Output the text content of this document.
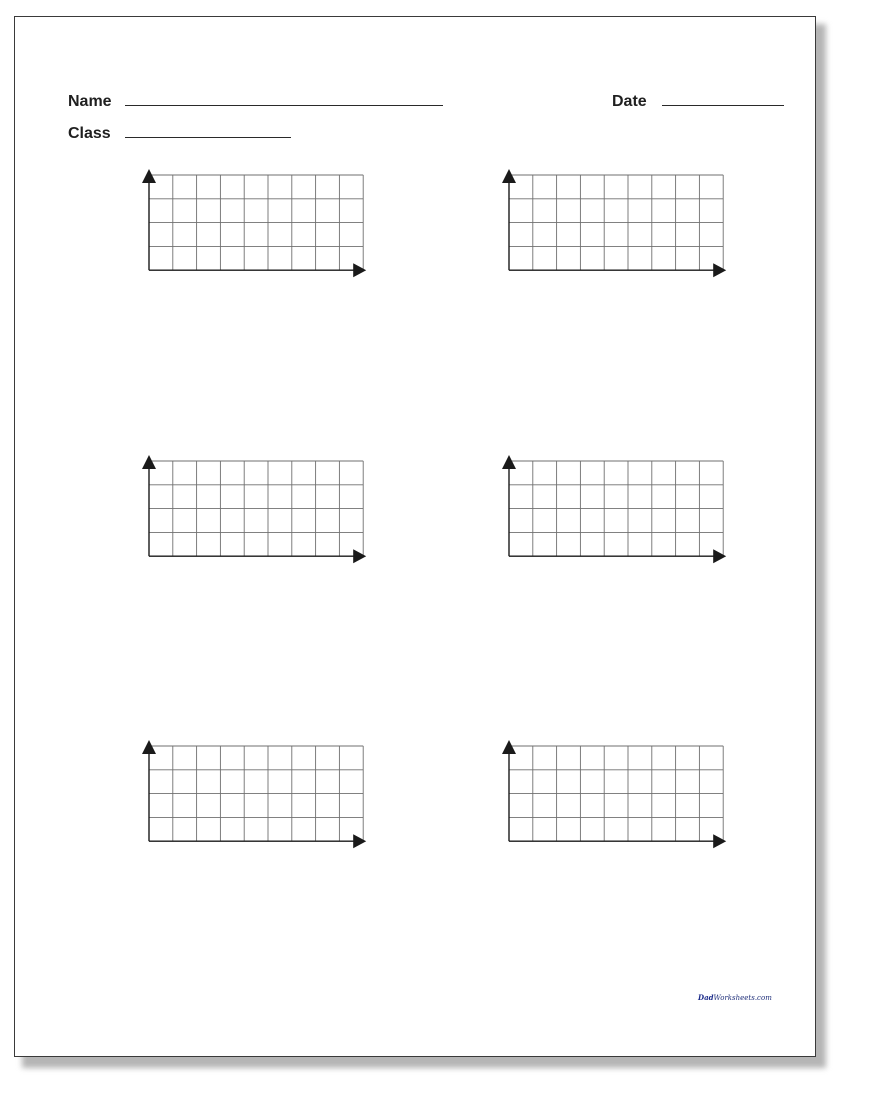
Name	Date
Class
DadWorksheets.com
